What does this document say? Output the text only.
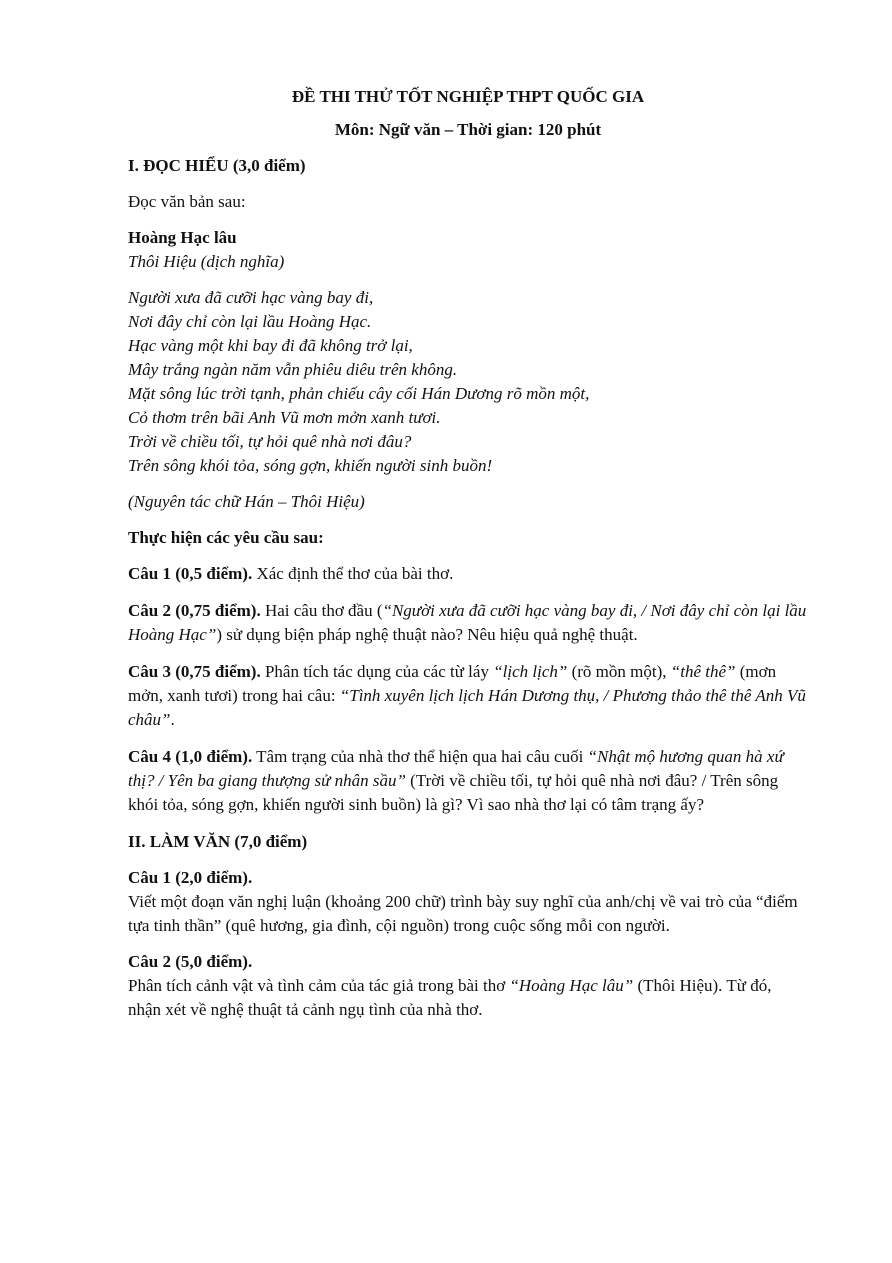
ĐỀ THI THỬ TỐT NGHIỆP THPT QUỐC GIA
Môn: Ngữ văn – Thời gian: 120 phút
I. ĐỌC HIỂU (3,0 điểm)

Đọc văn bản sau:

Hoàng Hạc lâu
Thôi Hiệu (dịch nghĩa)
Người xưa đã cưỡi hạc vàng bay đi,
Nơi đây chỉ còn lại lầu Hoàng Hạc.
Hạc vàng một khi bay đi đã không trở lại,
Mây trắng ngàn năm vẫn phiêu diêu trên không.
Mặt sông lúc trời tạnh, phản chiếu cây cối Hán Dương rõ mồn một,
Cỏ thơm trên bãi Anh Vũ mơn mởn xanh tươi.
Trời về chiều tối, tự hỏi quê nhà nơi đâu?
Trên sông khói tỏa, sóng gợn, khiến người sinh buồn!

(Nguyên tác chữ Hán – Thôi Hiệu)

Thực hiện các yêu cầu sau:

Câu 1 (0,5 điểm). Xác định thể thơ của bài thơ.

Câu 2 (0,75 điểm). Hai câu thơ đầu (“Người xưa đã cưỡi hạc vàng bay đi, / Nơi đây chỉ còn lại lầu Hoàng Hạc”) sử dụng biện pháp nghệ thuật nào? Nêu hiệu quả nghệ thuật.

Câu 3 (0,75 điểm). Phân tích tác dụng của các từ láy “lịch lịch” (rõ mồn một), “thê thê” (mơn mởn, xanh tươi) trong hai câu: “Tình xuyên lịch lịch Hán Dương thụ, / Phương thảo thê thê Anh Vũ châu”.

Câu 4 (1,0 điểm). Tâm trạng của nhà thơ thể hiện qua hai câu cuối “Nhật mộ hương quan hà xứ thị? / Yên ba giang thượng sử nhân sầu” (Trời về chiều tối, tự hỏi quê nhà nơi đâu? / Trên sông khói tỏa, sóng gợn, khiến người sinh buồn) là gì? Vì sao nhà thơ lại có tâm trạng ấy?

II. LÀM VĂN (7,0 điểm)

Câu 1 (2,0 điểm).
Viết một đoạn văn nghị luận (khoảng 200 chữ) trình bày suy nghĩ của anh/chị về vai trò của “điểm tựa tinh thần” (quê hương, gia đình, cội nguồn) trong cuộc sống mỗi con người.

Câu 2 (5,0 điểm).
Phân tích cảnh vật và tình cảm của tác giả trong bài thơ “Hoàng Hạc lâu” (Thôi Hiệu). Từ đó, nhận xét về nghệ thuật tả cảnh ngụ tình của nhà thơ.
